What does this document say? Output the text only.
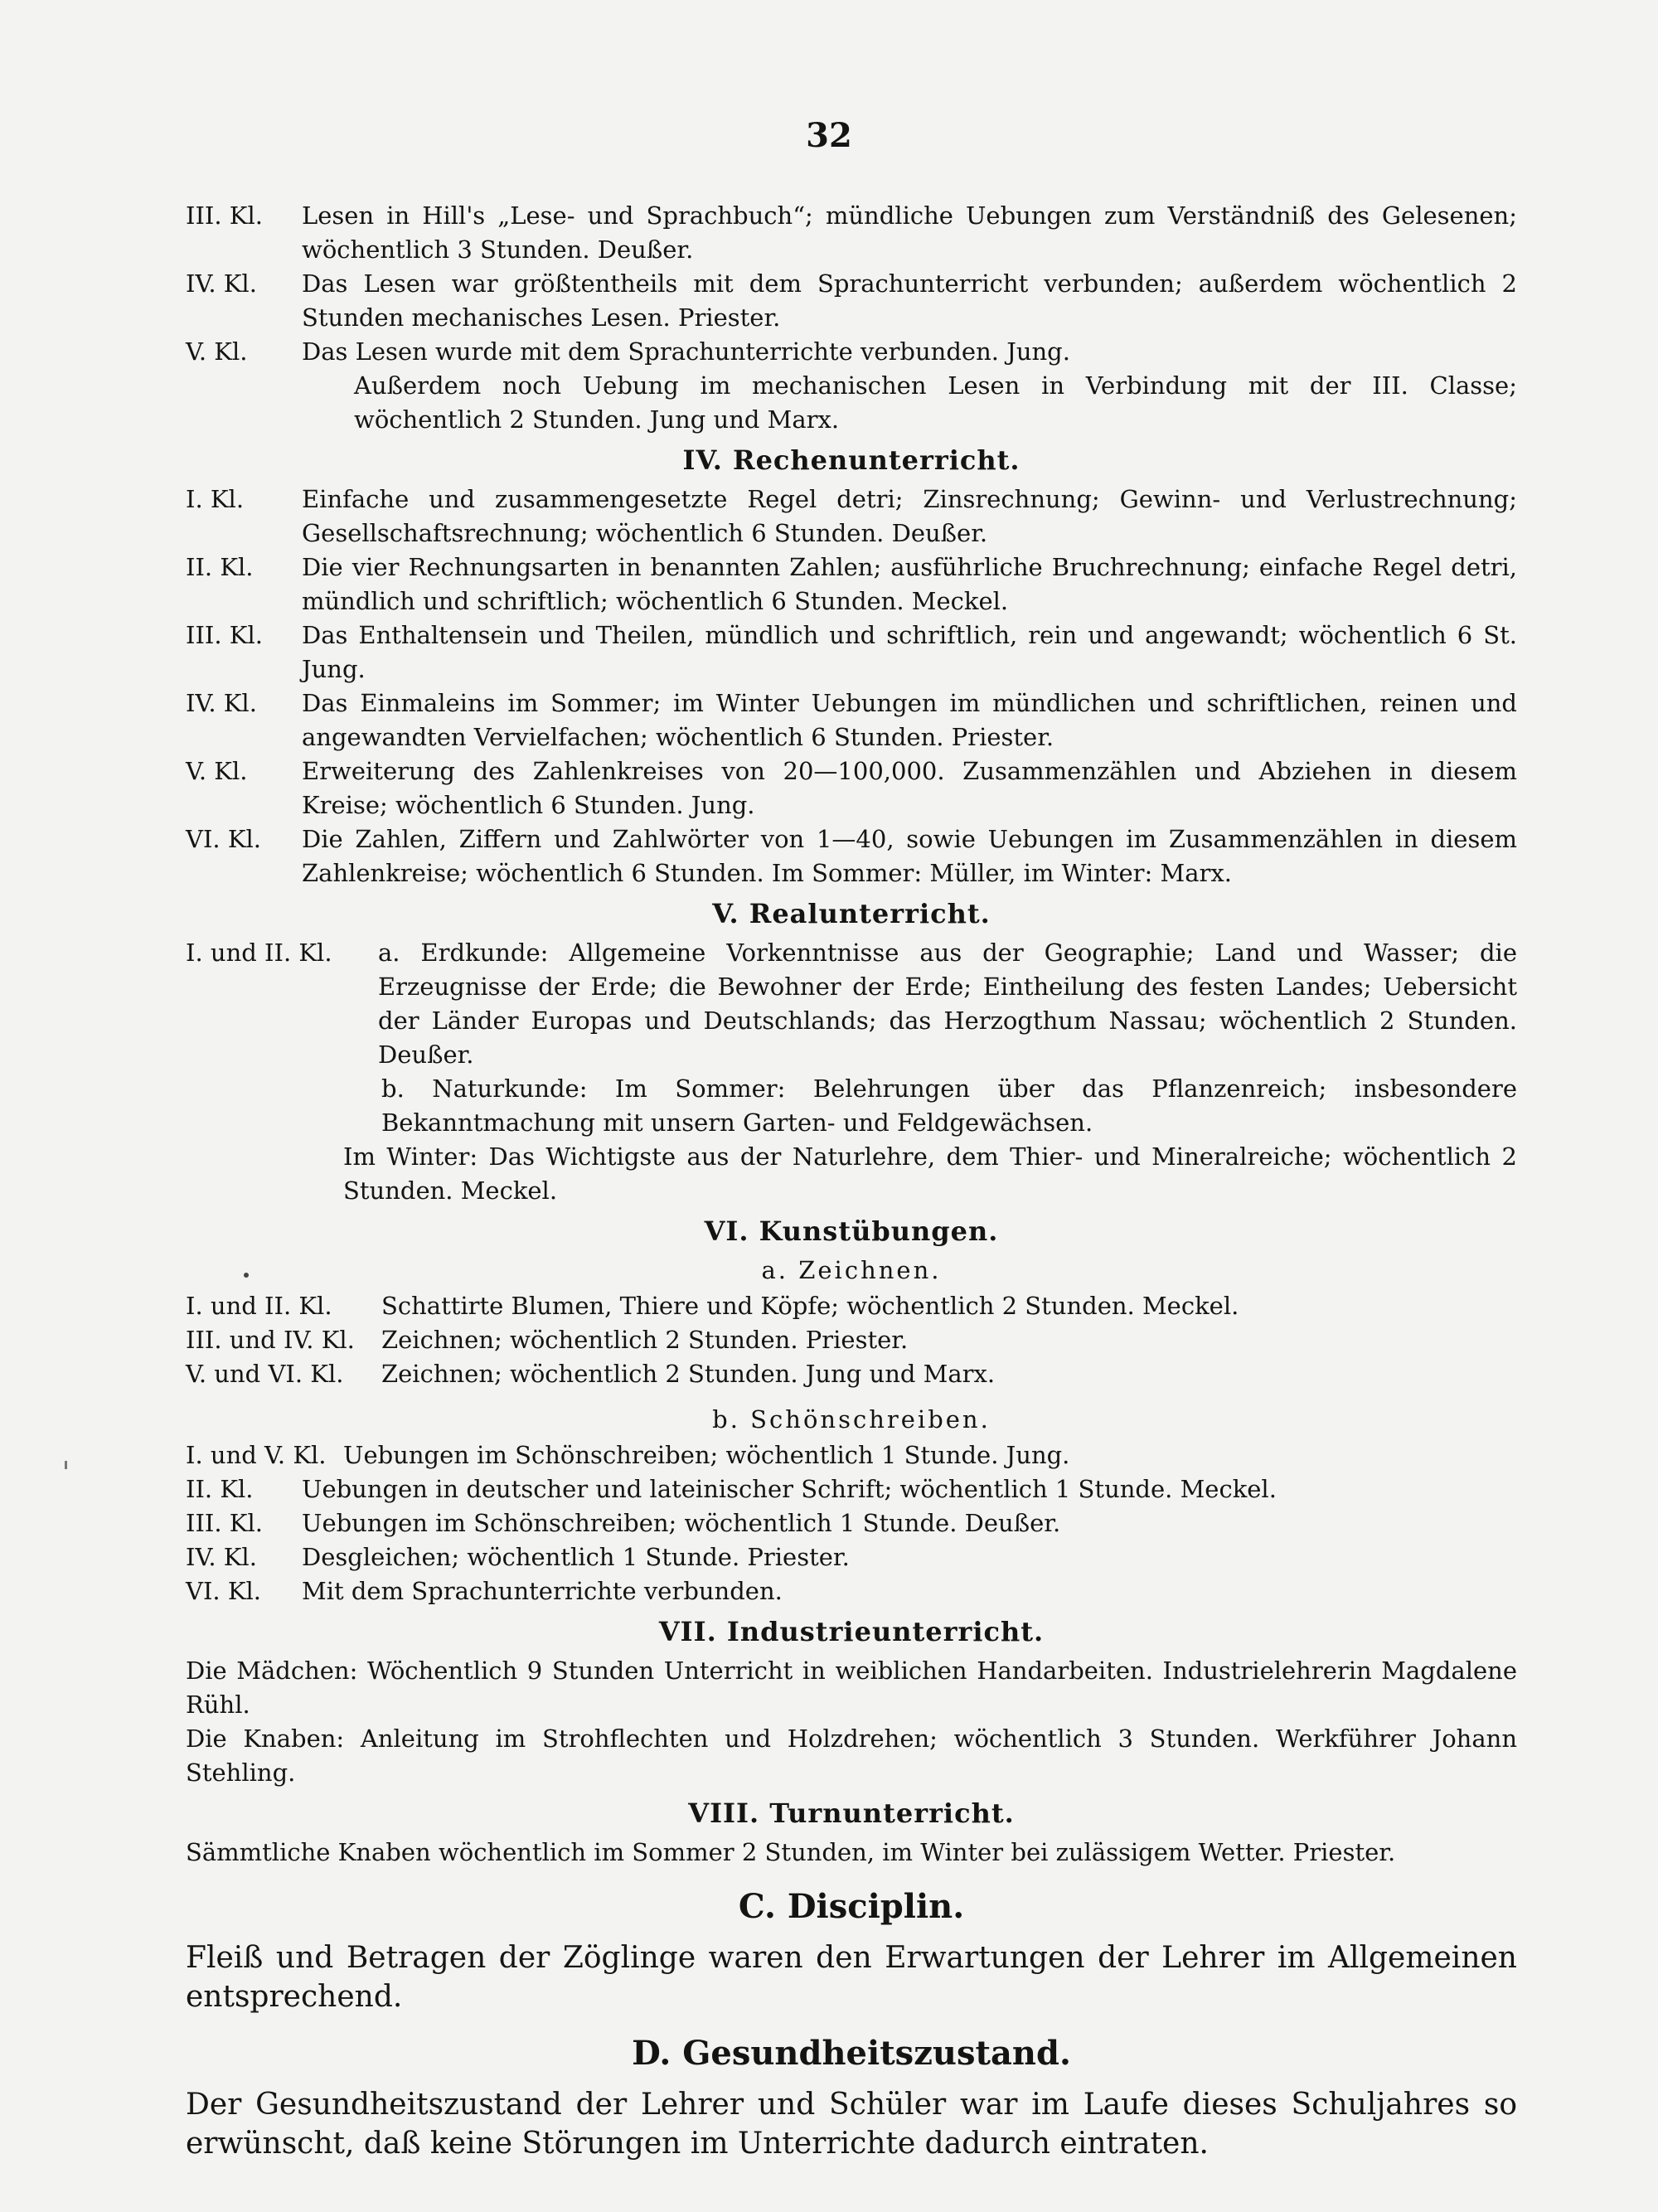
32
III. Kl.	Lesen in Hill's „Lese- und Sprachbuch“; mündliche Uebungen zum Verständniß des Gelesenen; wöchentlich 3 Stunden. Deußer.
IV. Kl.	Das Lesen war größtentheils mit dem Sprachunterricht verbunden; außerdem wöchentlich 2 Stunden mechanisches Lesen. Priester.
V. Kl.	Das Lesen wurde mit dem Sprachunterrichte verbunden. Jung.
Außerdem noch Uebung im mechanischen Lesen in Verbindung mit der III. Classe; wöchentlich 2 Stunden. Jung und Marx.
IV. Rechenunterricht.
I. Kl.	Einfache und zusammengesetzte Regel detri; Zinsrechnung; Gewinn- und Verlustrechnung; Gesellschaftsrechnung; wöchentlich 6 Stunden. Deußer.
II. Kl.	Die vier Rechnungsarten in benannten Zahlen; ausführliche Bruchrechnung; einfache Regel detri, mündlich und schriftlich; wöchentlich 6 Stunden. Meckel.
III. Kl.	Das Enthaltensein und Theilen, mündlich und schriftlich, rein und angewandt; wöchentlich 6 St. Jung.
IV. Kl.	Das Einmaleins im Sommer; im Winter Uebungen im mündlichen und schriftlichen, reinen und angewandten Vervielfachen; wöchentlich 6 Stunden. Priester.
V. Kl.	Erweiterung des Zahlenkreises von 20—100,000. Zusammenzählen und Abziehen in diesem Kreise; wöchentlich 6 Stunden. Jung.
VI. Kl.	Die Zahlen, Ziffern und Zahlwörter von 1—40, sowie Uebungen im Zusammenzählen in diesem Zahlenkreise; wöchentlich 6 Stunden. Im Sommer: Müller, im Winter: Marx.
V. Realunterricht.
I. und II. Kl.	a. Erdkunde: Allgemeine Vorkenntnisse aus der Geographie; Land und Wasser; die Erzeugnisse der Erde; die Bewohner der Erde; Eintheilung des festen Landes; Uebersicht der Länder Europas und Deutschlands; das Herzogthum Nassau; wöchentlich 2 Stunden. Deußer.
b. Naturkunde: Im Sommer: Belehrungen über das Pflanzenreich; insbesondere Bekanntmachung mit unsern Garten- und Feldgewächsen.
Im Winter: Das Wichtigste aus der Naturlehre, dem Thier- und Mineralreiche; wöchentlich 2 Stunden. Meckel.
VI. Kunstübungen.
a. Zeichnen.
I. und II. Kl.	Schattirte Blumen, Thiere und Köpfe; wöchentlich 2 Stunden. Meckel.
III. und IV. Kl.	Zeichnen; wöchentlich 2 Stunden. Priester.
V. und VI. Kl.	Zeichnen; wöchentlich 2 Stunden. Jung und Marx.
b. Schönschreiben.
I. und V. Kl. Uebungen im Schönschreiben; wöchentlich 1 Stunde. Jung.
II. Kl.	Uebungen in deutscher und lateinischer Schrift; wöchentlich 1 Stunde. Meckel.
III. Kl.	Uebungen im Schönschreiben; wöchentlich 1 Stunde. Deußer.
IV. Kl.	Desgleichen; wöchentlich 1 Stunde. Priester.
VI. Kl.	Mit dem Sprachunterrichte verbunden.
VII. Industrieunterricht.
Die Mädchen: Wöchentlich 9 Stunden Unterricht in weiblichen Handarbeiten. Industrielehrerin Magdalene Rühl.
Die Knaben: Anleitung im Strohflechten und Holzdrehen; wöchentlich 3 Stunden. Werkführer Johann Stehling.
VIII. Turnunterricht.
Sämmtliche Knaben wöchentlich im Sommer 2 Stunden, im Winter bei zulässigem Wetter. Priester.
C. Disciplin.
Fleiß und Betragen der Zöglinge waren den Erwartungen der Lehrer im Allgemeinen entsprechend.
D. Gesundheitszustand.
Der Gesundheitszustand der Lehrer und Schüler war im Laufe dieses Schuljahres so erwünscht, daß keine Störungen im Unterrichte dadurch eintraten.
